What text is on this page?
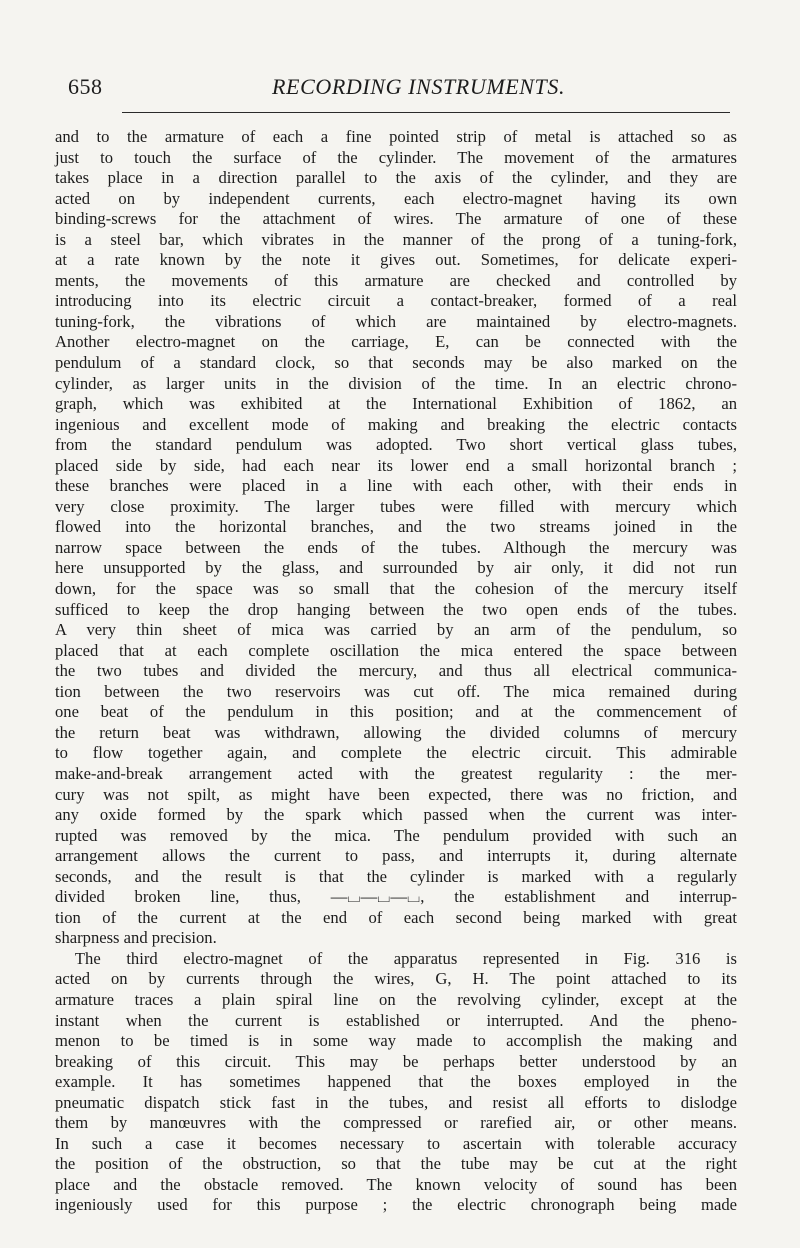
658	RECORDING INSTRUMENTS.
and to the armature of each a fine pointed strip of metal is attached so as
just to touch the surface of the cylinder. The movement of the armatures
takes place in a direction parallel to the axis of the cylinder, and they are
acted on by independent currents, each electro-magnet having its own
binding-screws for the attachment of wires. The armature of one of these
is a steel bar, which vibrates in the manner of the prong of a tuning-fork,
at a rate known by the note it gives out. Sometimes, for delicate experi-
ments, the movements of this armature are checked and controlled by
introducing into its electric circuit a contact-breaker, formed of a real
tuning-fork, the vibrations of which are maintained by electro-magnets.
Another electro-magnet on the carriage, E, can be connected with the
pendulum of a standard clock, so that seconds may be also marked on the
cylinder, as larger units in the division of the time. In an electric chrono-
graph, which was exhibited at the International Exhibition of 1862, an
ingenious and excellent mode of making and breaking the electric contacts
from the standard pendulum was adopted. Two short vertical glass tubes,
placed side by side, had each near its lower end a small horizontal branch ;
these branches were placed in a line with each other, with their ends in
very close proximity. The larger tubes were filled with mercury which
flowed into the horizontal branches, and the two streams joined in the
narrow space between the ends of the tubes. Although the mercury was
here unsupported by the glass, and surrounded by air only, it did not run
down, for the space was so small that the cohesion of the mercury itself
sufficed to keep the drop hanging between the two open ends of the tubes.
A very thin sheet of mica was carried by an arm of the pendulum, so
placed that at each complete oscillation the mica entered the space between
the two tubes and divided the mercury, and thus all electrical communica-
tion between the two reservoirs was cut off. The mica remained during
one beat of the pendulum in this position; and at the commencement of
the return beat was withdrawn, allowing the divided columns of mercury
to flow together again, and complete the electric circuit. This admirable
make-and-break arrangement acted with the greatest regularity : the mer-
cury was not spilt, as might have been expected, there was no friction, and
any oxide formed by the spark which passed when the current was inter-
rupted was removed by the mica. The pendulum provided with such an
arrangement allows the current to pass, and interrupts it, during alternate
seconds, and the result is that the cylinder is marked with a regularly
divided broken line, thus, —⌴—⌴—⌴, the establishment and interrup-
tion of the current at the end of each second being marked with great
sharpness and precision.
The third electro-magnet of the apparatus represented in Fig. 316 is
acted on by currents through the wires, G, H. The point attached to its
armature traces a plain spiral line on the revolving cylinder, except at the
instant when the current is established or interrupted. And the pheno-
menon to be timed is in some way made to accomplish the making and
breaking of this circuit. This may be perhaps better understood by an
example. It has sometimes happened that the boxes employed in the
pneumatic dispatch stick fast in the tubes, and resist all efforts to dislodge
them by manœuvres with the compressed or rarefied air, or other means.
In such a case it becomes necessary to ascertain with tolerable accuracy
the position of the obstruction, so that the tube may be cut at the right
place and the obstacle removed. The known velocity of sound has been
ingeniously used for this purpose ; the electric chronograph being made
